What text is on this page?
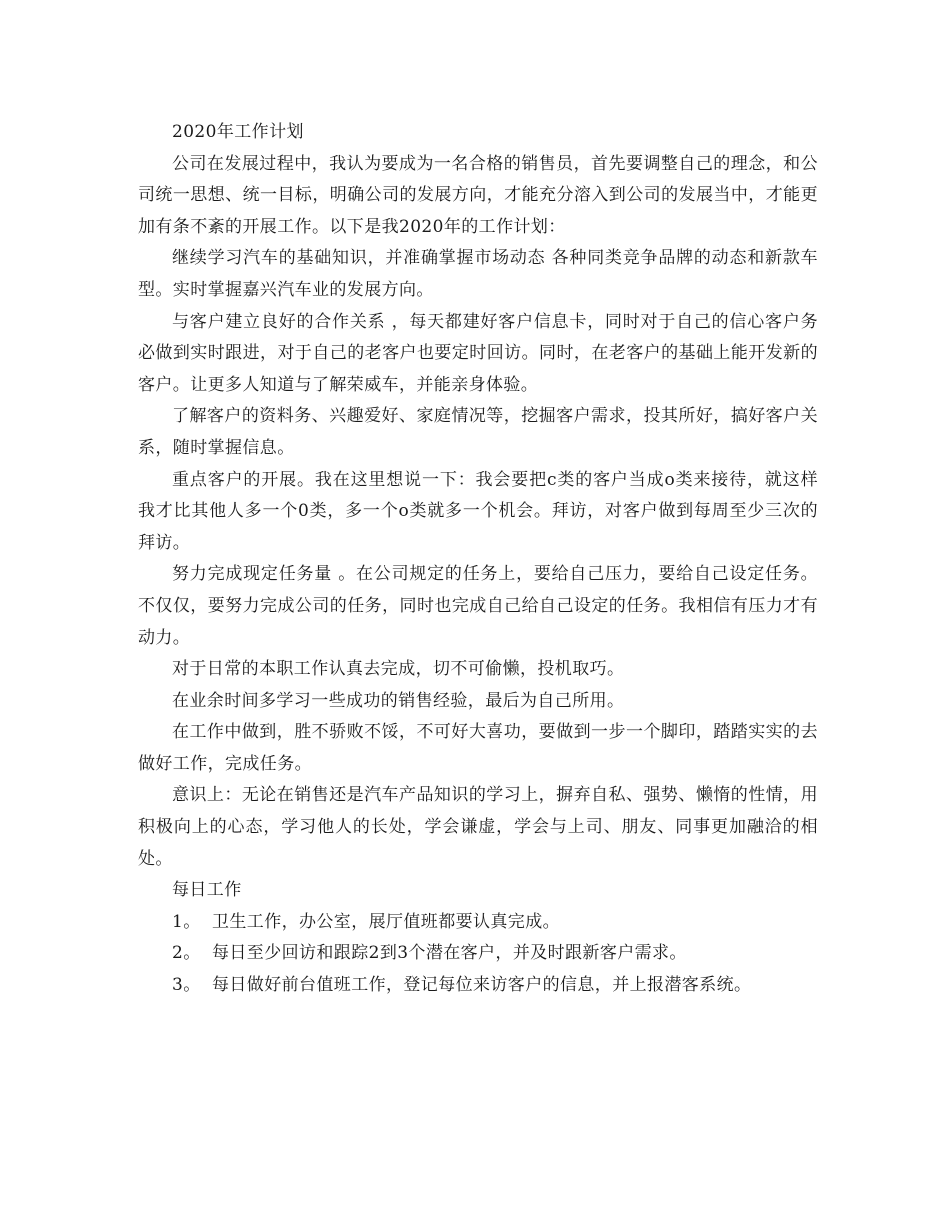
2020年工作计划

公司在发展过程中，我认为要成为一名合格的销售员，首先要调整自己的理念，和公司统一思想、统一目标，明确公司的发展方向，才能充分溶入到公司的发展当中，才能更加有条不紊的开展工作。以下是我2020年的工作计划：

继续学习汽车的基础知识，并准确掌握市场动态 各种同类竞争品牌的动态和新款车型。实时掌握嘉兴汽车业的发展方向。

与客户建立良好的合作关系 ，每天都建好客户信息卡，同时对于自己的信心客户务必做到实时跟进，对于自己的老客户也要定时回访。同时，在老客户的基础上能开发新的客户。让更多人知道与了解荣威车，并能亲身体验。

了解客户的资料务、兴趣爱好、家庭情况等，挖掘客户需求，投其所好，搞好客户关系，随时掌握信息。

重点客户的开展。我在这里想说一下：我会要把c类的客户当成o类来接待，就这样我才比其他人多一个0类，多一个o类就多一个机会。拜访，对客户做到每周至少三次的拜访。

努力完成现定任务量 。在公司规定的任务上，要给自己压力，要给自己设定任务。不仅仅，要努力完成公司的任务，同时也完成自己给自己设定的任务。我相信有压力才有动力。

对于日常的本职工作认真去完成，切不可偷懒，投机取巧。

在业余时间多学习一些成功的销售经验，最后为自己所用。

在工作中做到，胜不骄败不馁，不可好大喜功，要做到一步一个脚印，踏踏实实的去做好工作，完成任务。

意识上：无论在销售还是汽车产品知识的学习上，摒弃自私、强势、懒惰的性情，用积极向上的心态，学习他人的长处，学会谦虚，学会与上司、朋友、同事更加融洽的相处。

每日工作

1。 卫生工作，办公室，展厅值班都要认真完成。
2。 每日至少回访和跟踪2到3个潜在客户，并及时跟新客户需求。
3。 每日做好前台值班工作，登记每位来访客户的信息，并上报潜客系统。
